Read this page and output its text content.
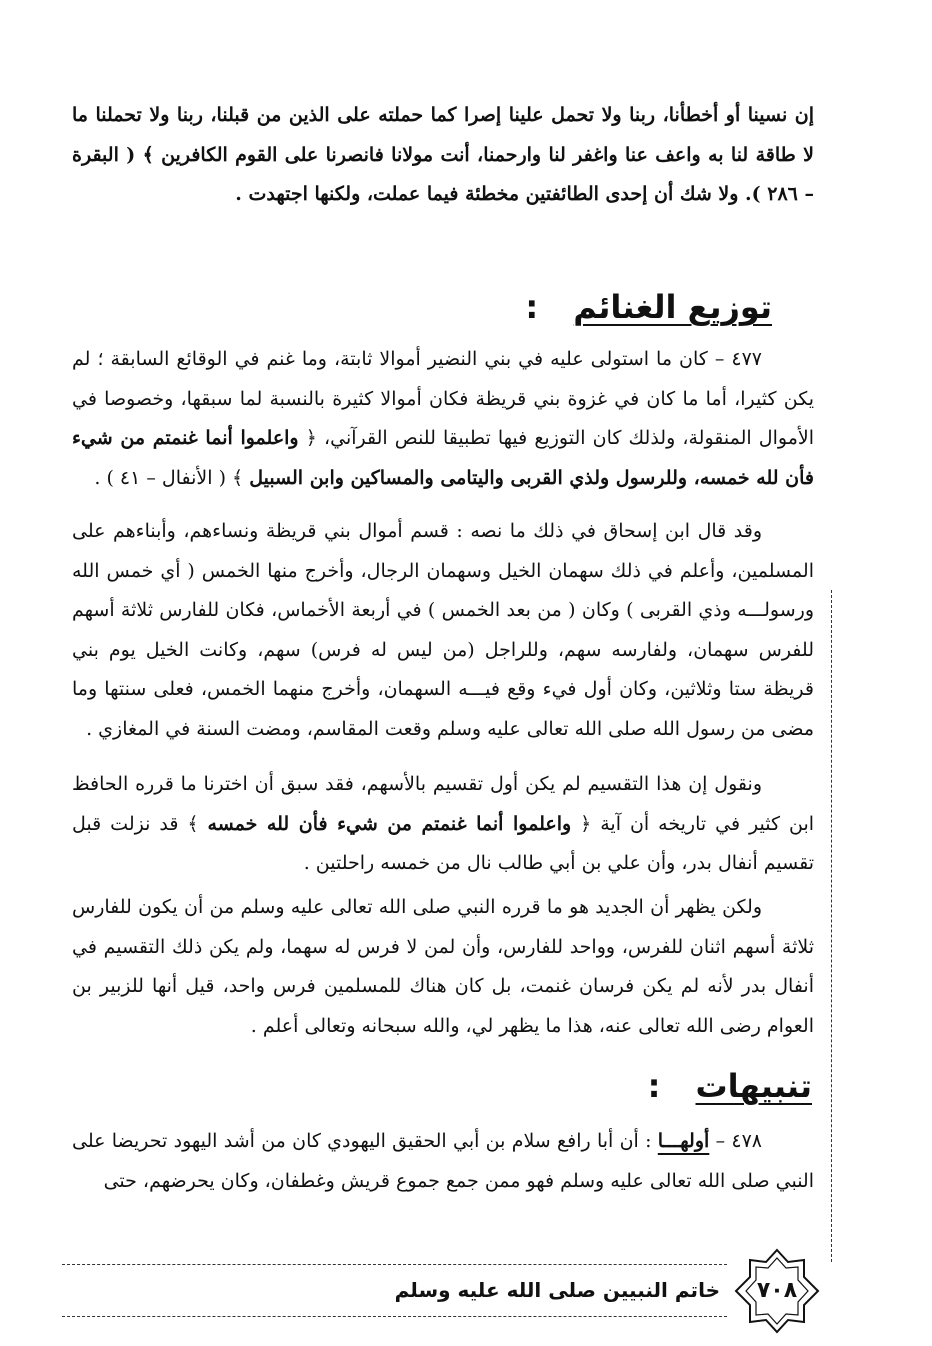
إن نسينا أو أخطأنا، ربنا ولا تحمل علينا إصرا كما حملته على الذين من قبلنا، ربنا ولا تحملنا ما لا طاقة لنا به واعف عنا واغفر لنا وارحمنا، أنت مولانا فانصرنا على القوم الكافرين ﴾ ( البقرة – ٢٨٦ ). ولا شك أن إحدى الطائفتين مخطئة فيما عملت، ولكنها اجتهدت .

توزيع الغنائم :

٤٧٧ – كان ما استولى عليه في بني النضير أموالا ثابتة، وما غنم في الوقائع السابقة ؛ لم يكن كثيرا، أما ما كان في غزوة بني قريظة فكان أموالا كثيرة بالنسبة لما سبقها، وخصوصا في الأموال المنقولة، ولذلك كان التوزيع فيها تطبيقا للنص القرآني، ﴿ واعلموا أنما غنمتم من شيء فأن لله خمسه، وللرسول ولذي القربى واليتامى والمساكين وابن السبيل ﴾ ( الأنفال – ٤١ ) .

وقد قال ابن إسحاق في ذلك ما نصه : قسم أموال بني قريظة ونساءهم، وأبناءهم على المسلمين، وأعلم في ذلك سهمان الخيل وسهمان الرجال، وأخرج منها الخمس ( أي خمس الله ورسولـــه وذي القربى ) وكان ( من بعد الخمس ) في أربعة الأخماس، فكان للفارس ثلاثة أسهم للفرس سهمان، ولفارسه سهم، وللراجل (من ليس له فرس) سهم، وكانت الخيل يوم بني قريظة ستا وثلاثين، وكان أول فيء وقع فيـــه السهمان، وأخرج منهما الخمس، فعلى سنتها وما مضى من رسول الله صلى الله تعالى عليه وسلم وقعت المقاسم، ومضت السنة في المغازي .

ونقول إن هذا التقسيم لم يكن أول تقسيم بالأسهم، فقد سبق أن اخترنا ما قرره الحافظ ابن كثير في تاريخه أن آية ﴿ واعلموا أنما غنمتم من شيء فأن لله خمسه ﴾ قد نزلت قبل تقسيم أنفال بدر، وأن علي بن أبي طالب نال من خمسه راحلتين .

ولكن يظهر أن الجديد هو ما قرره النبي صلى الله تعالى عليه وسلم من أن يكون للفارس ثلاثة أسهم اثنان للفرس، وواحد للفارس، وأن لمن لا فرس له سهما، ولم يكن ذلك التقسيم في أنفال بدر لأنه لم يكن فرسان غنمت، بل كان هناك للمسلمين فرس واحد، قيل أنها للزبير بن العوام رضى الله تعالى عنه، هذا ما يظهر لي، والله سبحانه وتعالى أعلم .

تنبيهات :

٤٧٨ – أولهـــا : أن أبا رافع سلام بن أبي الحقيق اليهودي كان من أشد اليهود تحريضا على النبي صلى الله تعالى عليه وسلم فهو ممن جمع جموع قريش وغطفان، وكان يحرضهم، حتى

خاتم النبيين صلى الله عليه وسلم	٧٠٨
